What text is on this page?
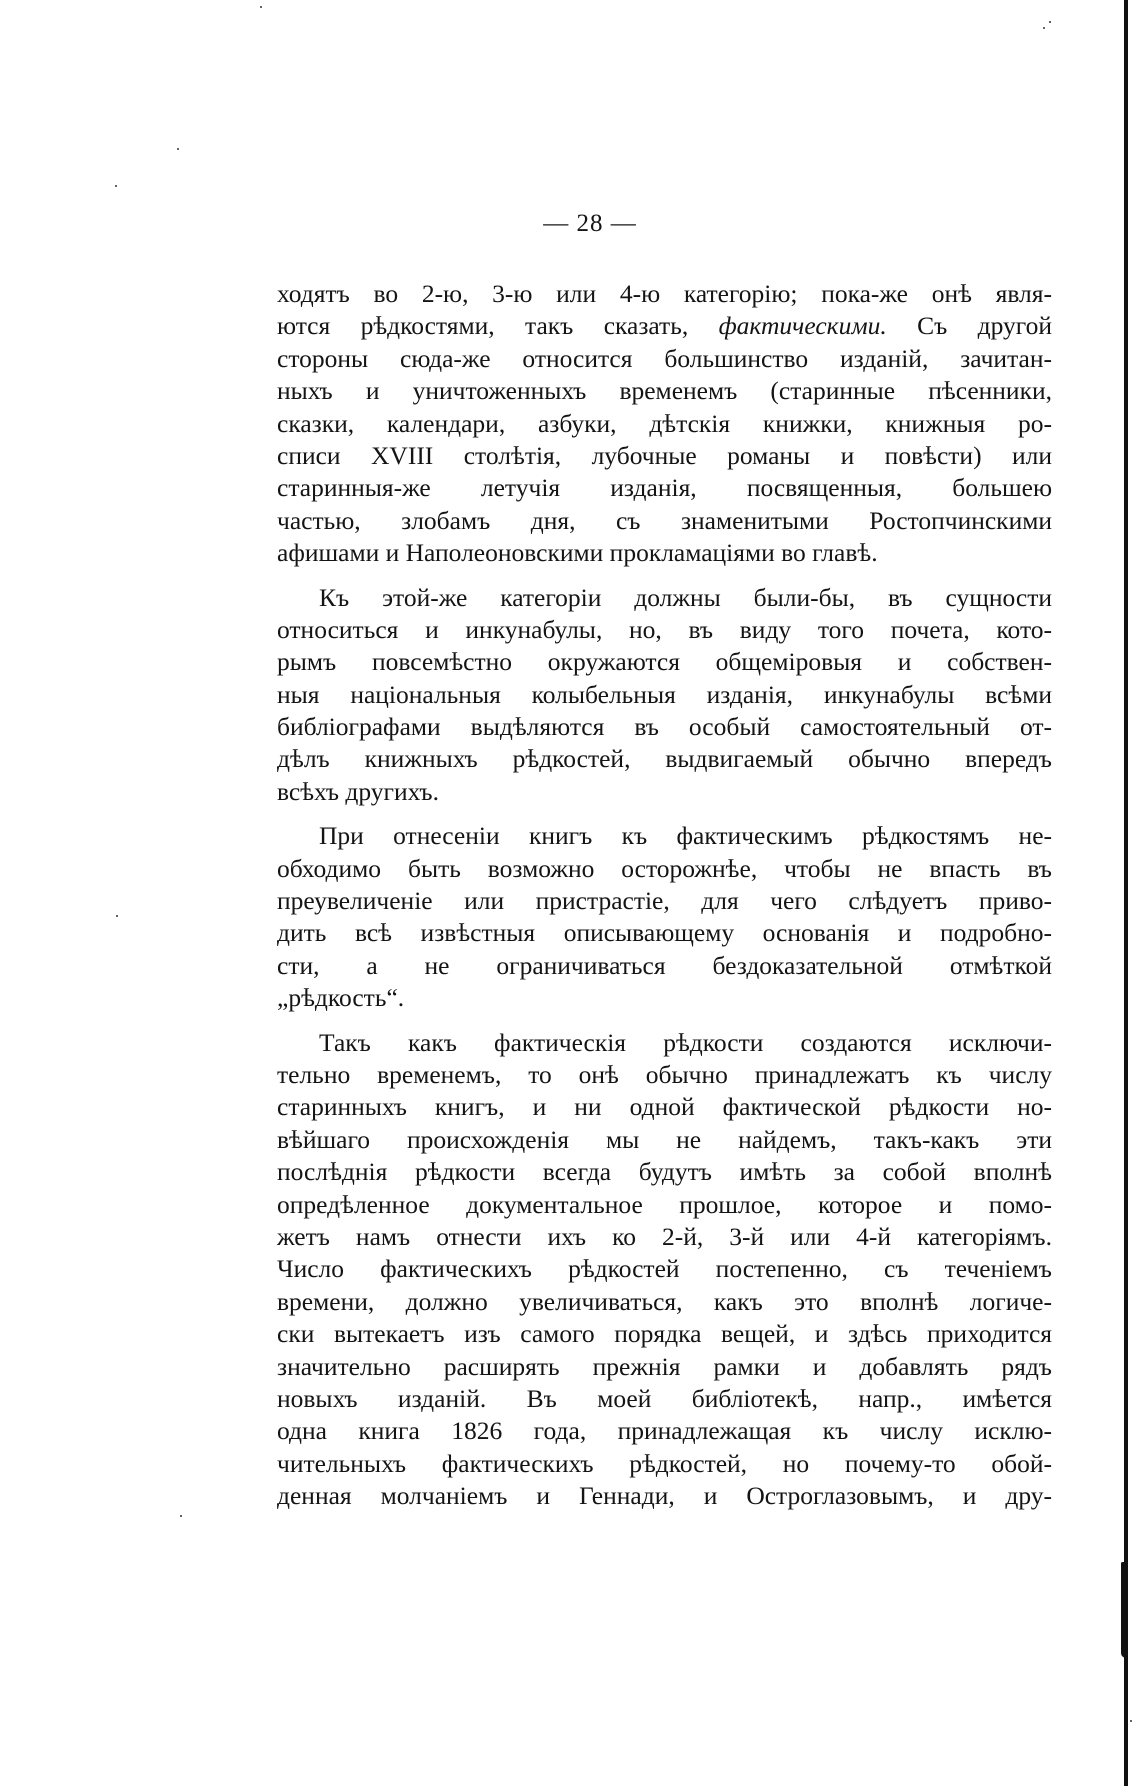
— 28 —
ходятъ во 2-ю, 3-ю или 4-ю категорію; пока-же онѣ явля-
ются рѣдкостями, такъ сказать, фактическими. Съ другой
стороны сюда-же относится большинство изданій, зачитан-
ныхъ и уничтоженныхъ временемъ (старинные пѣсенники,
сказки, календари, азбуки, дѣтскія книжки, книжныя ро-
списи XVIII столѣтія, лубочные романы и повѣсти) или
старинныя-же летучія изданія, посвященныя, большею
частью, злобамъ дня, съ знаменитыми Ростопчинскими
афишами и Наполеоновскими прокламаціями во главѣ.
Къ этой-же категоріи должны были-бы, въ сущности
относиться и инкунабулы, но, въ виду того почета, кото-
рымъ повсемѣстно окружаются общеміровыя и собствен-
ныя національныя колыбельныя изданія, инкунабулы всѣми
библіографами выдѣляются въ особый самостоятельный от-
дѣлъ книжныхъ рѣдкостей, выдвигаемый обычно впередъ
всѣхъ другихъ.
При отнесеніи книгъ къ фактическимъ рѣдкостямъ не-
обходимо быть возможно осторожнѣе, чтобы не впасть въ
преувеличеніе или пристрастіе, для чего слѣдуетъ приво-
дить всѣ извѣстныя описывающему основанія и подробно-
сти, а не ограничиваться бездоказательной отмѣткой
„рѣдкость“.
Такъ какъ фактическія рѣдкости создаются исключи-
тельно временемъ, то онѣ обычно принадлежатъ къ числу
старинныхъ книгъ, и ни одной фактической рѣдкости но-
вѣйшаго происхожденія мы не найдемъ, такъ-какъ эти
послѣднія рѣдкости всегда будутъ имѣть за собой вполнѣ
опредѣленное документальное прошлое, которое и помо-
жетъ намъ отнести ихъ ко 2-й, 3-й или 4-й категоріямъ.
Число фактическихъ рѣдкостей постепенно, съ теченіемъ
времени, должно увеличиваться, какъ это вполнѣ логиче-
ски вытекаетъ изъ самого порядка вещей, и здѣсь приходится
значительно расширять прежнія рамки и добавлять рядъ
новыхъ изданій. Въ моей библіотекѣ, напр., имѣется
одна книга 1826 года, принадлежащая къ числу исклю-
чительныхъ фактическихъ рѣдкостей, но почему-то обой-
денная молчаніемъ и Геннади, и Остроглазовымъ, и дру-
